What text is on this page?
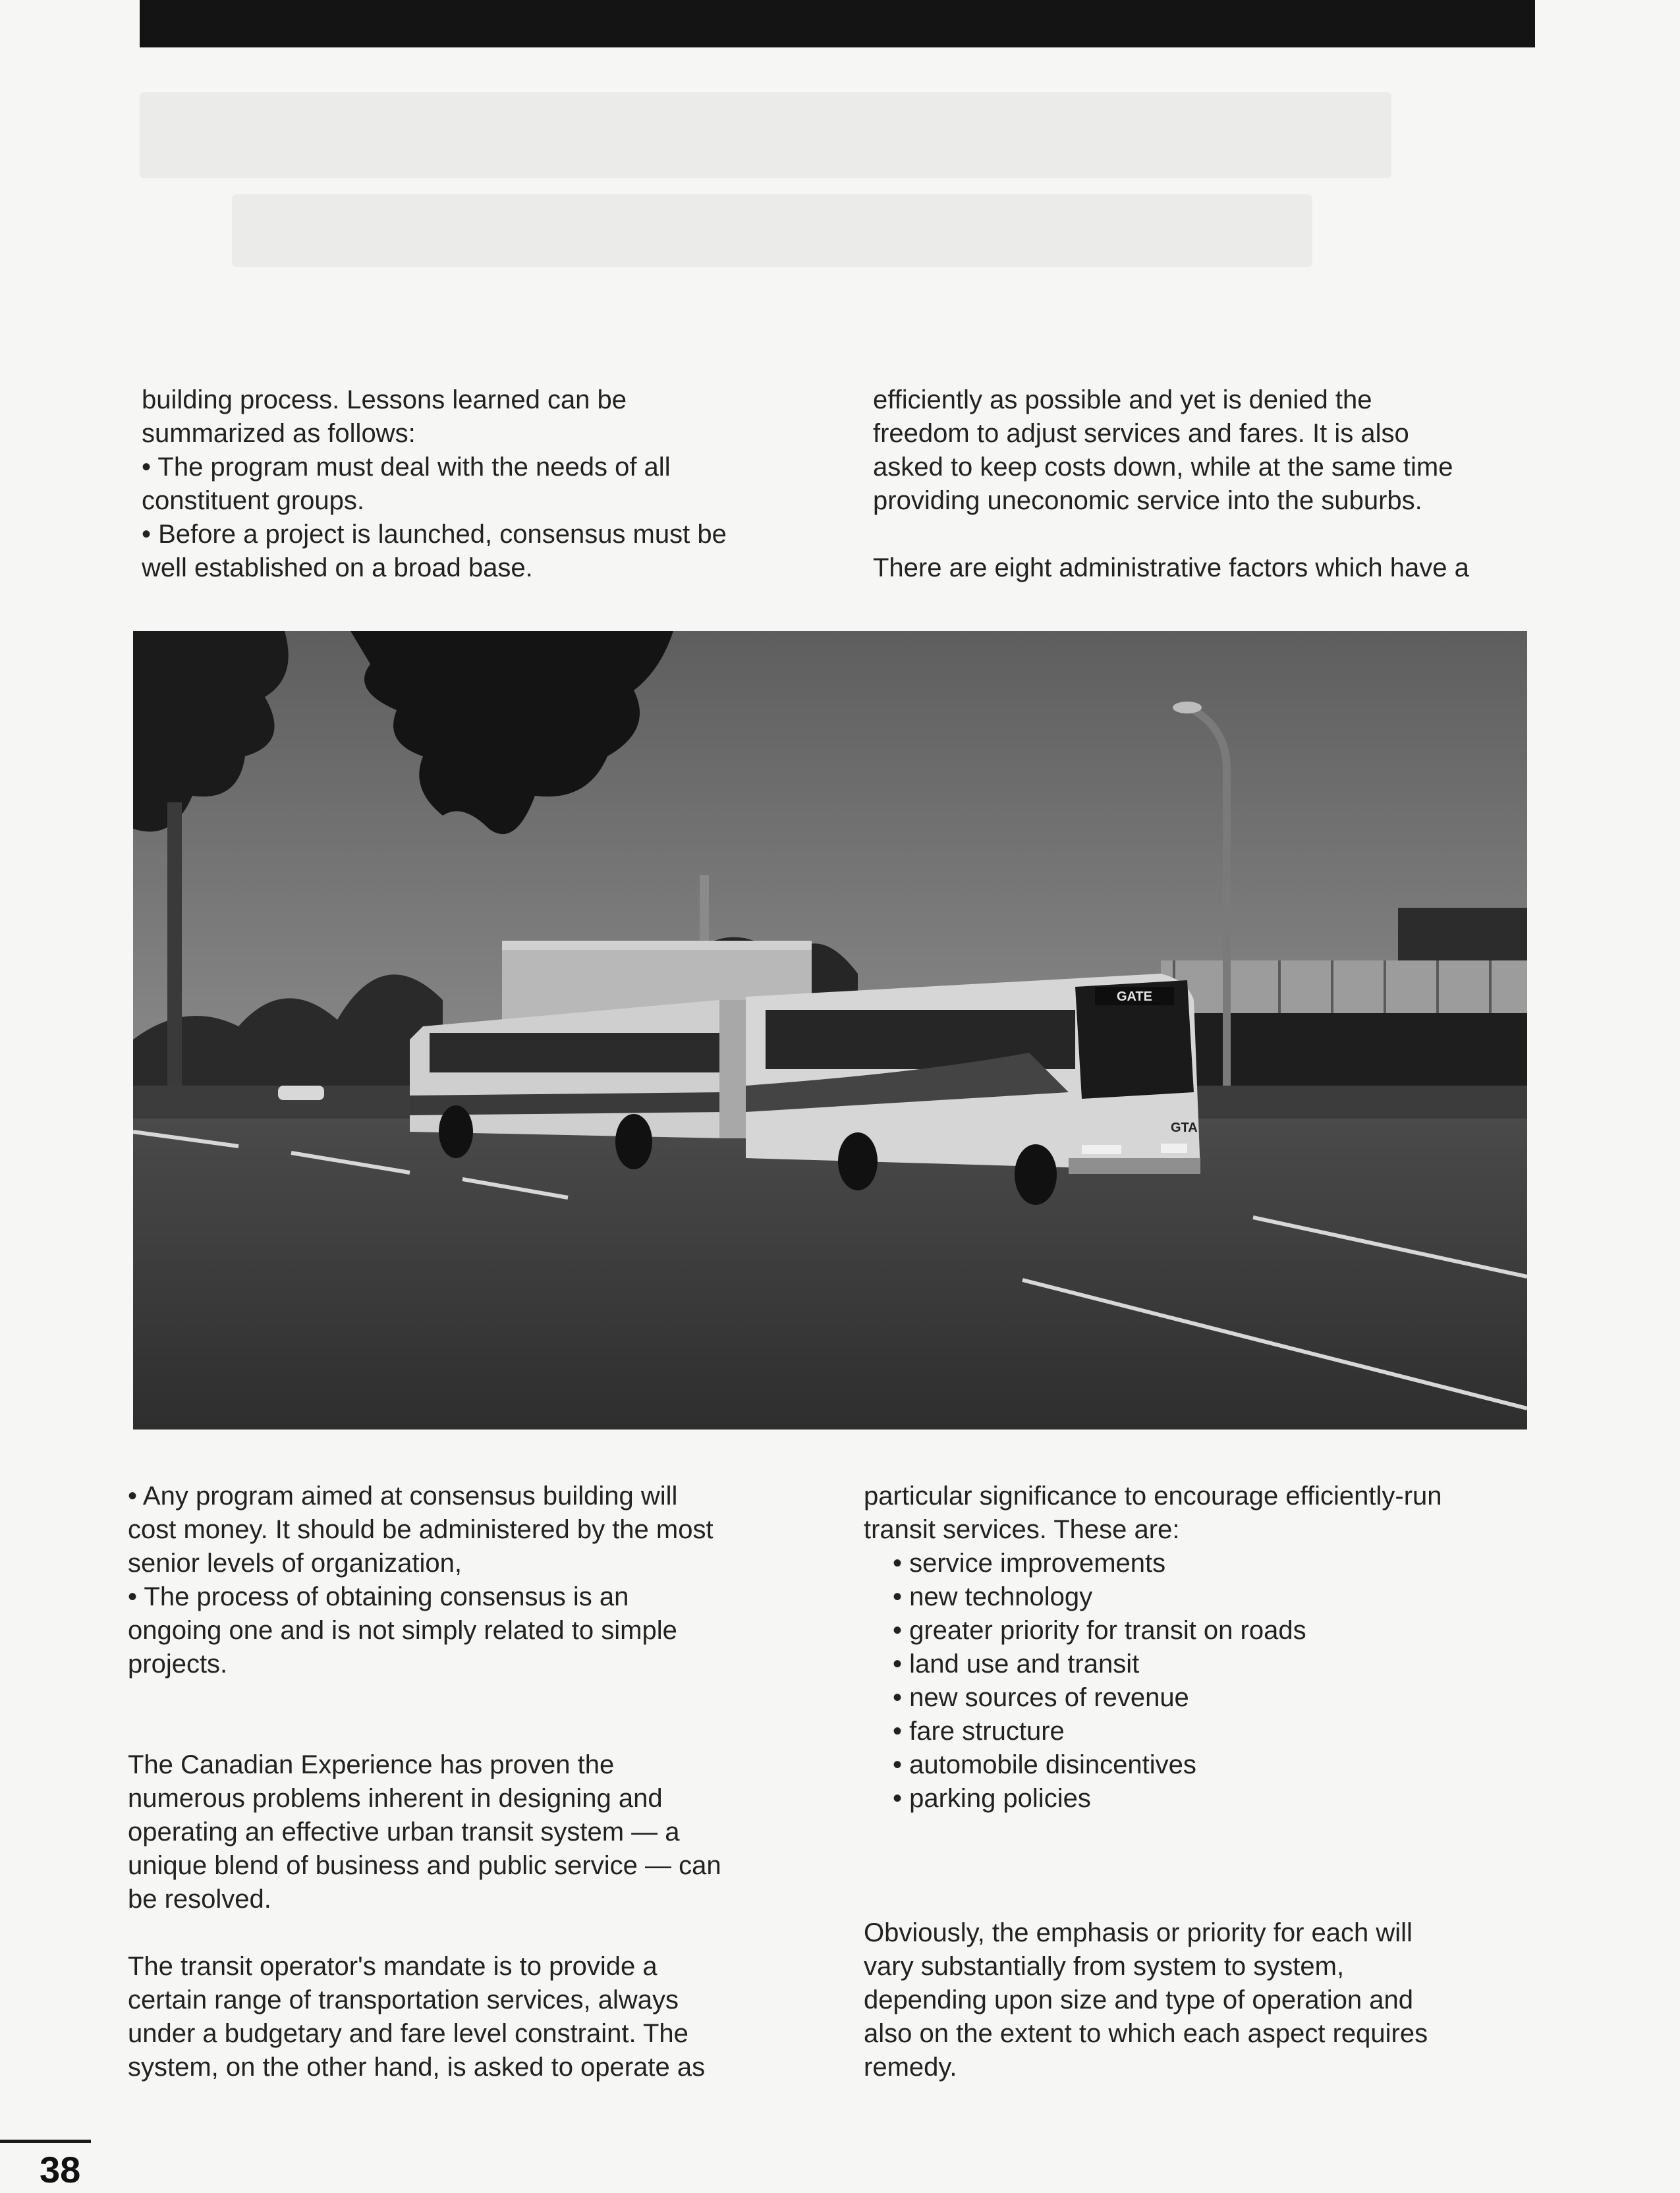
building process. Lessons learned can be

summarized as follows:

• The program must deal with the needs of all

constituent groups.

• Before a project is launched, consensus must be

well established on a broad base.

efficiently as possible and yet is denied the

freedom to adjust services and fares. It is also

asked to keep costs down, while at the same time

providing uneconomic service into the suburbs.

There are eight administrative factors which have a

GATE
GTA

• Any program aimed at consensus building will

cost money. It should be administered by the most

senior levels of organization,

• The process of obtaining consensus is an

ongoing one and is not simply related to simple

projects.

The Canadian Experience has proven the

numerous problems inherent in designing and

operating an effective urban transit system — a

unique blend of business and public service — can

be resolved.

The transit operator's mandate is to provide a

certain range of transportation services, always

under a budgetary and fare level constraint. The

system, on the other hand, is asked to operate as

particular significance to encourage efficiently-run

transit services. These are:

• service improvements
• new technology
• greater priority for transit on roads
• land use and transit
• new sources of revenue
• fare structure
• automobile disincentives
• parking policies

Obviously, the emphasis or priority for each will

vary substantially from system to system,

depending upon size and type of operation and

also on the extent to which each aspect requires

remedy.

38
